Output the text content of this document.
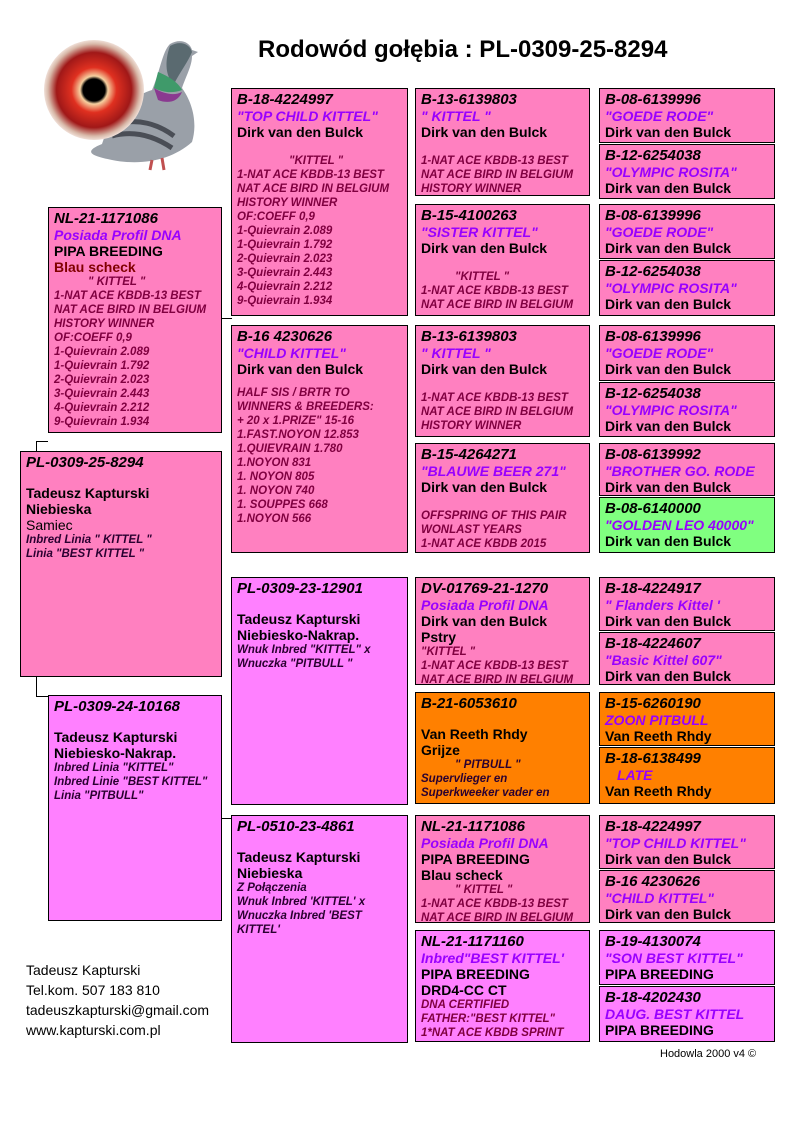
Rodowód gołębia : PL-0309-25-8294
PL-0309-25-8294
Tadeusz Kapturski
Niebieska
Samiec
Inbred Linia " KITTEL "
Linia "BEST KITTEL "
NL-21-1171086
Posiada Profil DNA
PIPA BREEDING
Blau scheck
" KITTEL "
1-NAT ACE KBDB-13 BEST
NAT ACE BIRD IN BELGIUM
HISTORY WINNER
OF:COEFF 0,9
1-Quievrain 2.089
1-Quievrain 1.792
2-Quievrain 2.023
3-Quievrain 2.443
4-Quievrain 2.212
9-Quievrain 1.934
PL-0309-24-10168
Tadeusz Kapturski
Niebiesko-Nakrap.
Inbred Linia "KITTEL"
Inbred Linie "BEST KITTEL"
Linia "PITBULL"
B-18-4224997
"TOP CHILD KITTEL"
Dirk van den Bulck
"KITTEL "
1-NAT ACE KBDB-13 BEST
NAT ACE BIRD IN BELGIUM
HISTORY WINNER
OF:COEFF 0,9
1-Quievrain 2.089
1-Quievrain 1.792
2-Quievrain 2.023
3-Quievrain 2.443
4-Quievrain 2.212
9-Quievrain 1.934
B-16 4230626
"CHILD KITTEL"
Dirk van den Bulck
HALF SIS / BRTR TO
WINNERS & BREEDERS:
+ 20 x 1.PRIZE" 15-16
1.FAST.NOYON 12.853
1.QUIEVRAIN 1.780
1.NOYON 831
1. NOYON 805
1. NOYON 740
1. SOUPPES 668
1.NOYON 566
PL-0309-23-12901
Tadeusz Kapturski
Niebiesko-Nakrap.
Wnuk Inbred "KITTEL" x
Wnuczka "PITBULL "
PL-0510-23-4861
Tadeusz Kapturski
Niebieska
Z Połączenia
Wnuk Inbred 'KITTEL' x
Wnuczka Inbred 'BEST
KITTEL'
B-13-6139803
" KITTEL "
Dirk van den Bulck
1-NAT ACE KBDB-13 BEST
NAT ACE BIRD IN BELGIUM
HISTORY WINNER
B-15-4100263
"SISTER KITTEL"
Dirk van den Bulck
"KITTEL "
1-NAT ACE KBDB-13 BEST
NAT ACE BIRD IN BELGIUM
B-13-6139803
" KITTEL "
Dirk van den Bulck
1-NAT ACE KBDB-13 BEST
NAT ACE BIRD IN BELGIUM
HISTORY WINNER
B-15-4264271
"BLAUWE BEER 271"
Dirk van den Bulck
OFFSPRING OF THIS PAIR
WONLAST YEARS
1-NAT ACE KBDB 2015
DV-01769-21-1270
Posiada Profil DNA
Dirk van den Bulck
Pstry
"KITTEL "
1-NAT ACE KBDB-13 BEST
NAT ACE BIRD IN BELGIUM
B-21-6053610
Van Reeth Rhdy
Grijze
" PITBULL "
Supervlieger en
Superkweeker vader en
NL-21-1171086
Posiada Profil DNA
PIPA BREEDING
Blau scheck
" KITTEL "
1-NAT ACE KBDB-13 BEST
NAT ACE BIRD IN BELGIUM
NL-21-1171160
Inbred"BEST KITTEL'
PIPA BREEDING
DRD4-CC CT
DNA CERTIFIED
FATHER:"BEST KITTEL"
1*NAT ACE KBDB SPRINT
B-08-6139996
"GOEDE RODE"
Dirk van den Bulck
B-12-6254038
"OLYMPIC ROSITA"
Dirk van den Bulck
B-08-6139996
"GOEDE RODE"
Dirk van den Bulck
B-12-6254038
"OLYMPIC ROSITA"
Dirk van den Bulck
B-08-6139996
"GOEDE RODE"
Dirk van den Bulck
B-12-6254038
"OLYMPIC ROSITA"
Dirk van den Bulck
B-08-6139992
"BROTHER GO. RODE
Dirk van den Bulck
B-08-6140000
"GOLDEN LEO 40000"
Dirk van den Bulck
B-18-4224917
" Flanders Kittel '
Dirk van den Bulck
B-18-4224607
"Basic Kittel 607"
Dirk van den Bulck
B-15-6260190
ZOON PITBULL
Van Reeth Rhdy
B-18-6138499
LATE
Van Reeth Rhdy
B-18-4224997
"TOP CHILD KITTEL"
Dirk van den Bulck
B-16 4230626
"CHILD KITTEL"
Dirk van den Bulck
B-19-4130074
"SON BEST KITTEL"
PIPA BREEDING
B-18-4202430
DAUG. BEST KITTEL
PIPA BREEDING
Tadeusz Kapturski
Tel.kom. 507 183 810
tadeuszkapturski@gmail.com
www.kapturski.com.pl
Hodowla 2000 v4 ©
